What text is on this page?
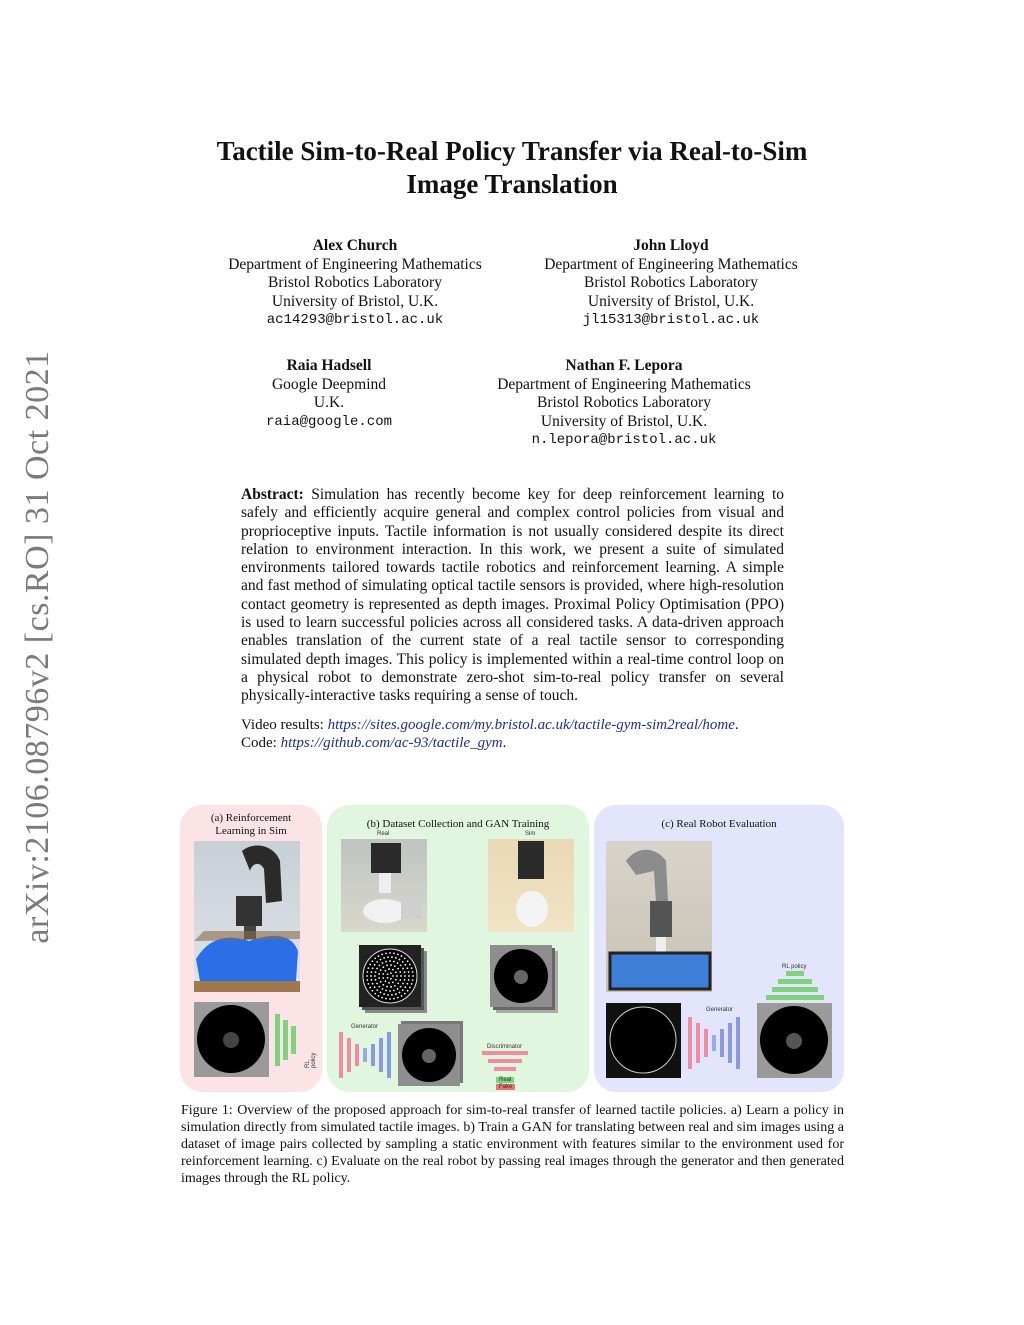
arXiv:2106.08796v2 [cs.RO] 31 Oct 2021
Tactile Sim-to-Real Policy Transfer via Real-to-Sim
Image Translation
Alex Church
Department of Engineering Mathematics
Bristol Robotics Laboratory
University of Bristol, U.K.
ac14293@bristol.ac.uk
John Lloyd
Department of Engineering Mathematics
Bristol Robotics Laboratory
University of Bristol, U.K.
jl15313@bristol.ac.uk
Raia Hadsell
Google Deepmind
U.K.
raia@google.com
Nathan F. Lepora
Department of Engineering Mathematics
Bristol Robotics Laboratory
University of Bristol, U.K.
n.lepora@bristol.ac.uk
Abstract: Simulation has recently become key for deep reinforcement learning to safely and efficiently acquire general and complex control policies from visual and proprioceptive inputs. Tactile information is not usually considered despite its direct relation to environment interaction. In this work, we present a suite of simulated environments tailored towards tactile robotics and reinforcement learning. A simple and fast method of simulating optical tactile sensors is provided, where high-resolution contact geometry is represented as depth images. Proximal Policy Optimisation (PPO) is used to learn successful policies across all considered tasks. A data-driven approach enables translation of the current state of a real tactile sensor to corresponding simulated depth images. This policy is implemented within a real-time control loop on a physical robot to demonstrate zero-shot sim-to-real policy transfer on several physically-interactive tasks requiring a sense of touch.
Video results: https://sites.google.com/my.bristol.ac.uk/tactile-gym-sim2real/home.
Code: https://github.com/ac-93/tactile_gym.
(a) Reinforcement
Learning in Sim
RL policy
(b) Dataset Collection and GAN Training
Real	Sim
Generator
Discriminator
Real
Fake
(c) Real Robot Evaluation
RL policy
Generator
Figure 1: Overview of the proposed approach for sim-to-real transfer of learned tactile policies. a) Learn a policy in simulation directly from simulated tactile images. b) Train a GAN for translating between real and sim images using a dataset of image pairs collected by sampling a static environment with features similar to the environment used for reinforcement learning. c) Evaluate on the real robot by passing real images through the generator and then generated images through the RL policy.
